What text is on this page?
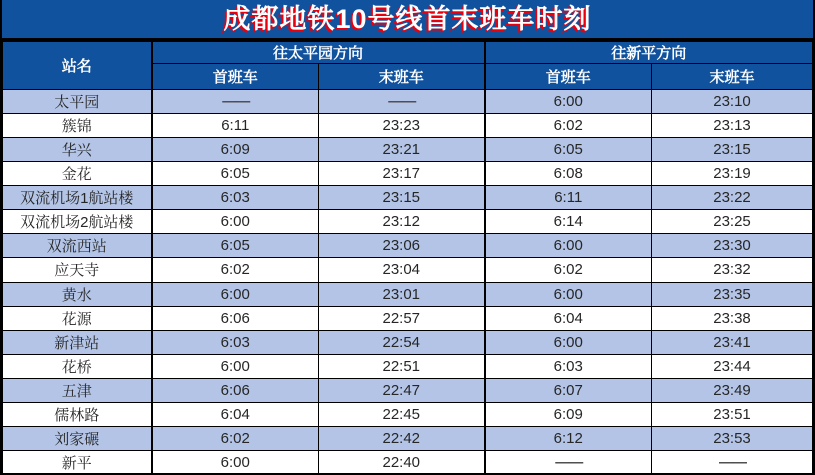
成都地铁10号线首末班车时刻
站名	往太平园方向		往新平方向	
	首班车	末班车	首班车	末班车
太平园	——	——	6:00	23:10
簇锦	6:11	23:23	6:02	23:13
华兴	6:09	23:21	6:05	23:15
金花	6:05	23:17	6:08	23:19
双流机场1航站楼	6:03	23:15	6:11	23:22
双流机场2航站楼	6:00	23:12	6:14	23:25
双流西站	6:05	23:06	6:00	23:30
应天寺	6:02	23:04	6:02	23:32
黄水	6:00	23:01	6:00	23:35
花源	6:06	22:57	6:04	23:38
新津站	6:03	22:54	6:00	23:41
花桥	6:00	22:51	6:03	23:44
五津	6:06	22:47	6:07	23:49
儒林路	6:04	22:45	6:09	23:51
刘家碾	6:02	22:42	6:12	23:53
新平	6:00	22:40	——	——
